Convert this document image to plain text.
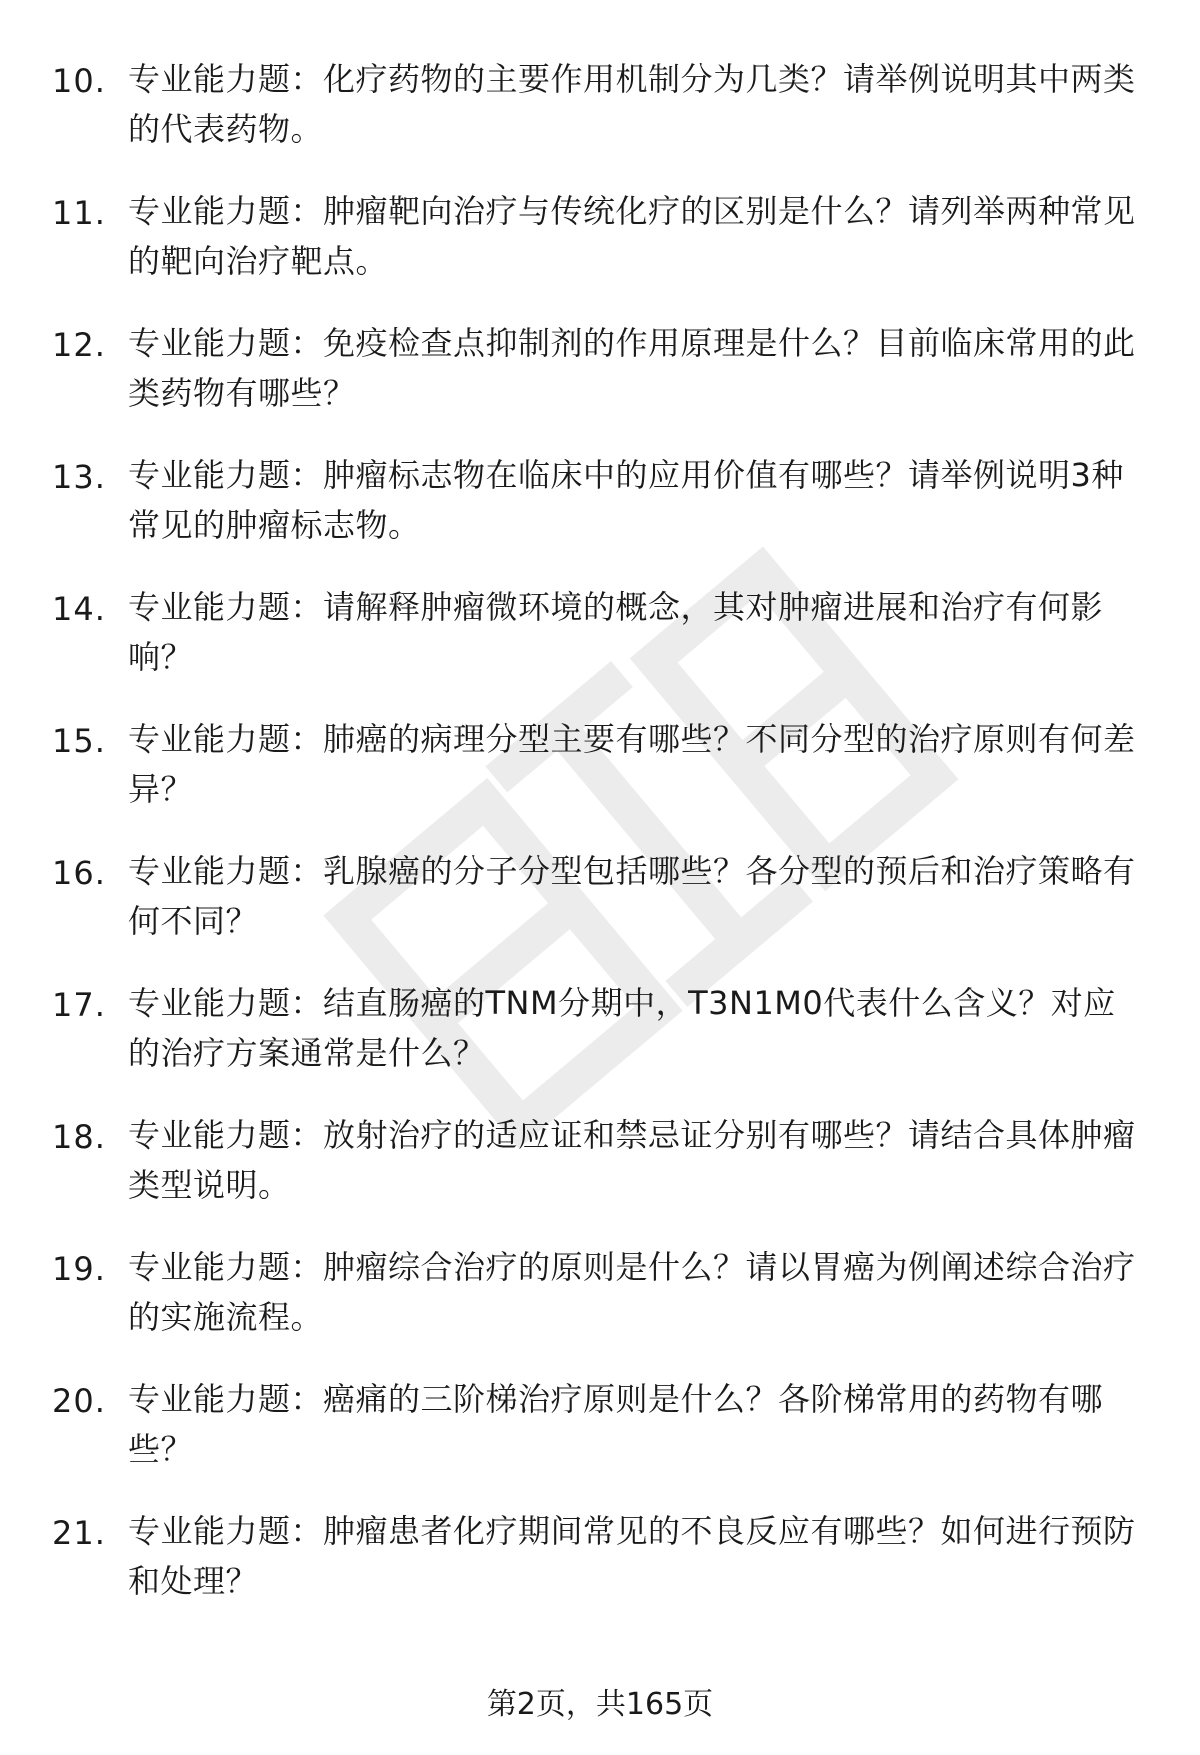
10. 专业能力题：化疗药物的主要作用机制分为几类？请举例说明其中两类的代表药物。
11. 专业能力题：肿瘤靶向治疗与传统化疗的区别是什么？请列举两种常见的靶向治疗靶点。
12. 专业能力题：免疫检查点抑制剂的作用原理是什么？目前临床常用的此类药物有哪些？
13. 专业能力题：肿瘤标志物在临床中的应用价值有哪些？请举例说明3种常见的肿瘤标志物。
14. 专业能力题：请解释肿瘤微环境的概念，其对肿瘤进展和治疗有何影响？
15. 专业能力题：肺癌的病理分型主要有哪些？不同分型的治疗原则有何差异？
16. 专业能力题：乳腺癌的分子分型包括哪些？各分型的预后和治疗策略有何不同？
17. 专业能力题：结直肠癌的TNM分期中，T3N1M0代表什么含义？对应的治疗方案通常是什么？
18. 专业能力题：放射治疗的适应证和禁忌证分别有哪些？请结合具体肿瘤类型说明。
19. 专业能力题：肿瘤综合治疗的原则是什么？请以胃癌为例阐述综合治疗的实施流程。
20. 专业能力题：癌痛的三阶梯治疗原则是什么？各阶梯常用的药物有哪些？
21. 专业能力题：肿瘤患者化疗期间常见的不良反应有哪些？如何进行预防和处理？
第2页，共165页
